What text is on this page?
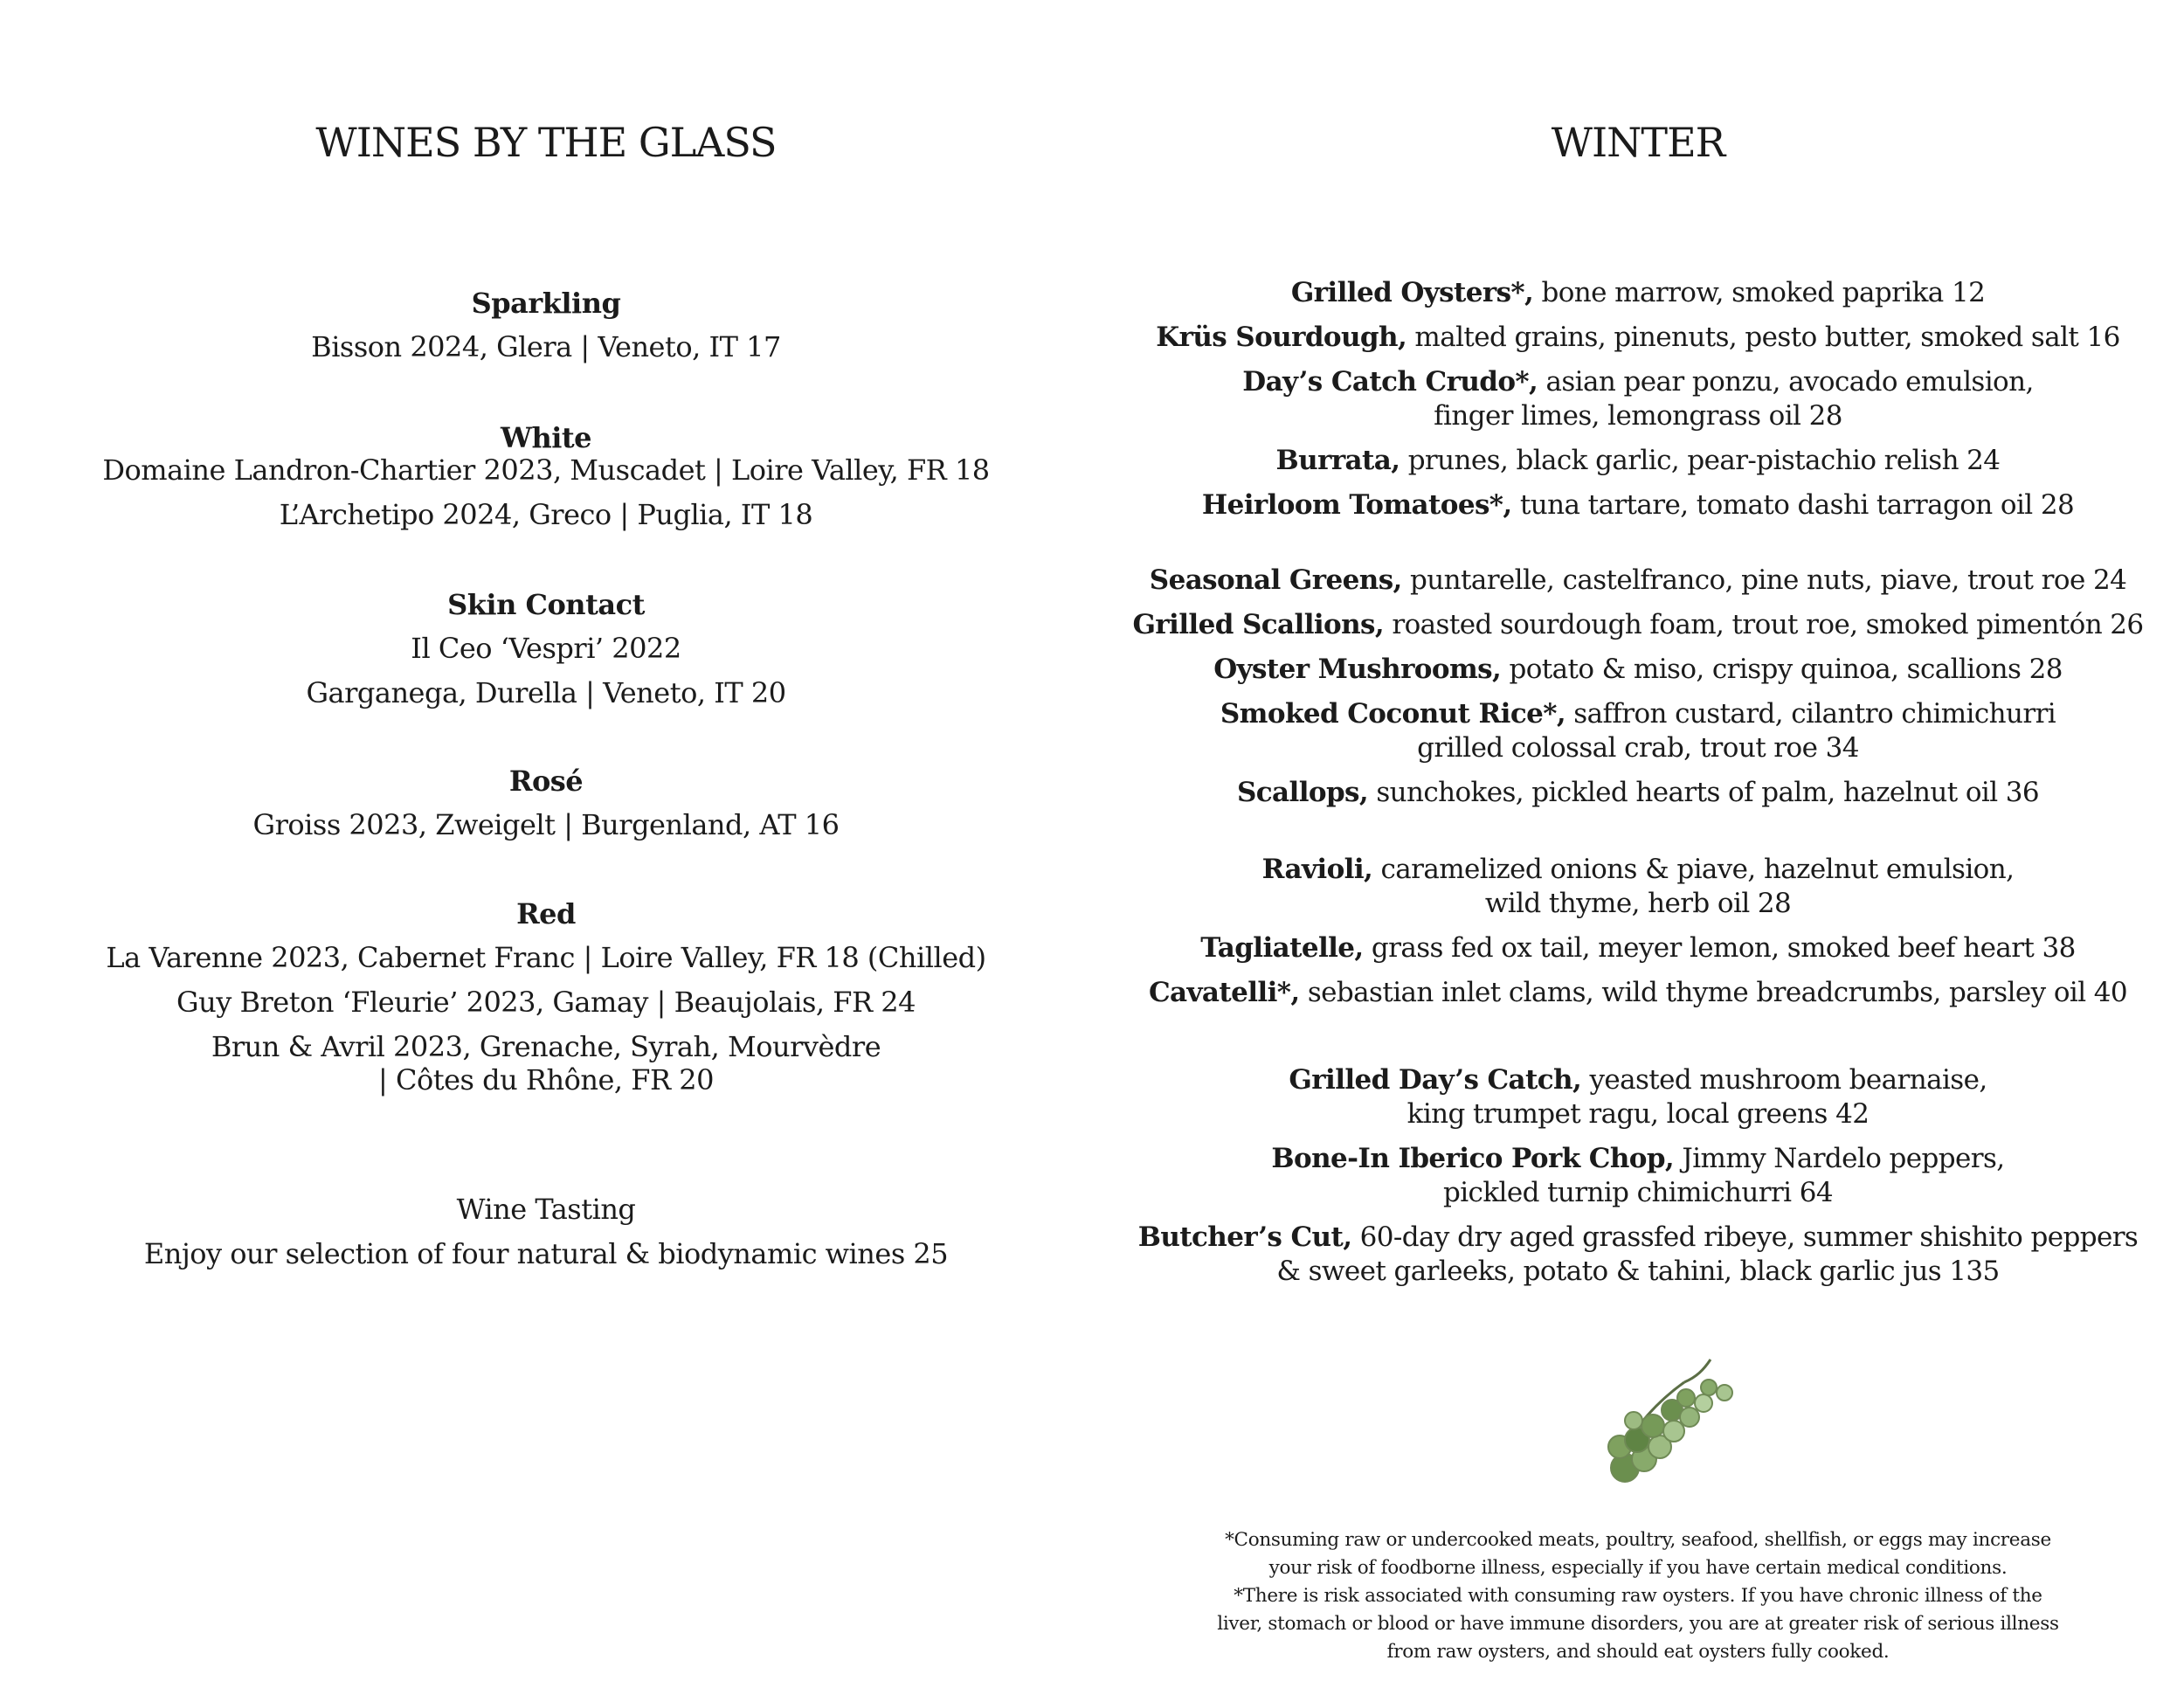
WINES BY THE GLASS
Sparkling
Bisson 2024, Glera | Veneto, IT 17
White
Domaine Landron-Chartier 2023, Muscadet | Loire Valley, FR 18
L’Archetipo 2024, Greco | Puglia, IT 18
Skin Contact
Il Ceo ‘Vespri’ 2022
Garganega, Durella | Veneto, IT 20
Rosé
Groiss 2023, Zweigelt | Burgenland, AT 16
Red
La Varenne 2023, Cabernet Franc | Loire Valley, FR 18 (Chilled)
Guy Breton ‘Fleurie’ 2023, Gamay | Beaujolais, FR 24
Brun & Avril 2023, Grenache, Syrah, Mourvèdre
| Côtes du Rhône, FR 20
Wine Tasting
Enjoy our selection of four natural & biodynamic wines 25
WINTER
Grilled Oysters*, bone marrow, smoked paprika 12
Krüs Sourdough, malted grains, pinenuts, pesto butter, smoked salt 16
Day’s Catch Crudo*, asian pear ponzu, avocado emulsion,
finger limes, lemongrass oil 28
Burrata, prunes, black garlic, pear-pistachio relish 24
Heirloom Tomatoes*, tuna tartare, tomato dashi tarragon oil 28
Seasonal Greens, puntarelle, castelfranco, pine nuts, piave, trout roe 24
Grilled Scallions, roasted sourdough foam, trout roe, smoked pimentón 26
Oyster Mushrooms, potato & miso, crispy quinoa, scallions 28
Smoked Coconut Rice*, saffron custard, cilantro chimichurri
grilled colossal crab, trout roe 34
Scallops, sunchokes, pickled hearts of palm, hazelnut oil 36
Ravioli, caramelized onions & piave, hazelnut emulsion,
wild thyme, herb oil 28
Tagliatelle, grass fed ox tail, meyer lemon, smoked beef heart 38
Cavatelli*, sebastian inlet clams, wild thyme breadcrumbs, parsley oil 40
Grilled Day’s Catch, yeasted mushroom bearnaise,
king trumpet ragu, local greens 42
Bone-In Iberico Pork Chop, Jimmy Nardelo peppers,
pickled turnip chimichurri 64
Butcher’s Cut, 60-day dry aged grassfed ribeye, summer shishito peppers
& sweet garleeks, potato & tahini, black garlic jus 135
*Consuming raw or undercooked meats, poultry, seafood, shellfish, or eggs may increase
your risk of foodborne illness, especially if you have certain medical conditions.
*There is risk associated with consuming raw oysters. If you have chronic illness of the
liver, stomach or blood or have immune disorders, you are at greater risk of serious illness
from raw oysters, and should eat oysters fully cooked.
